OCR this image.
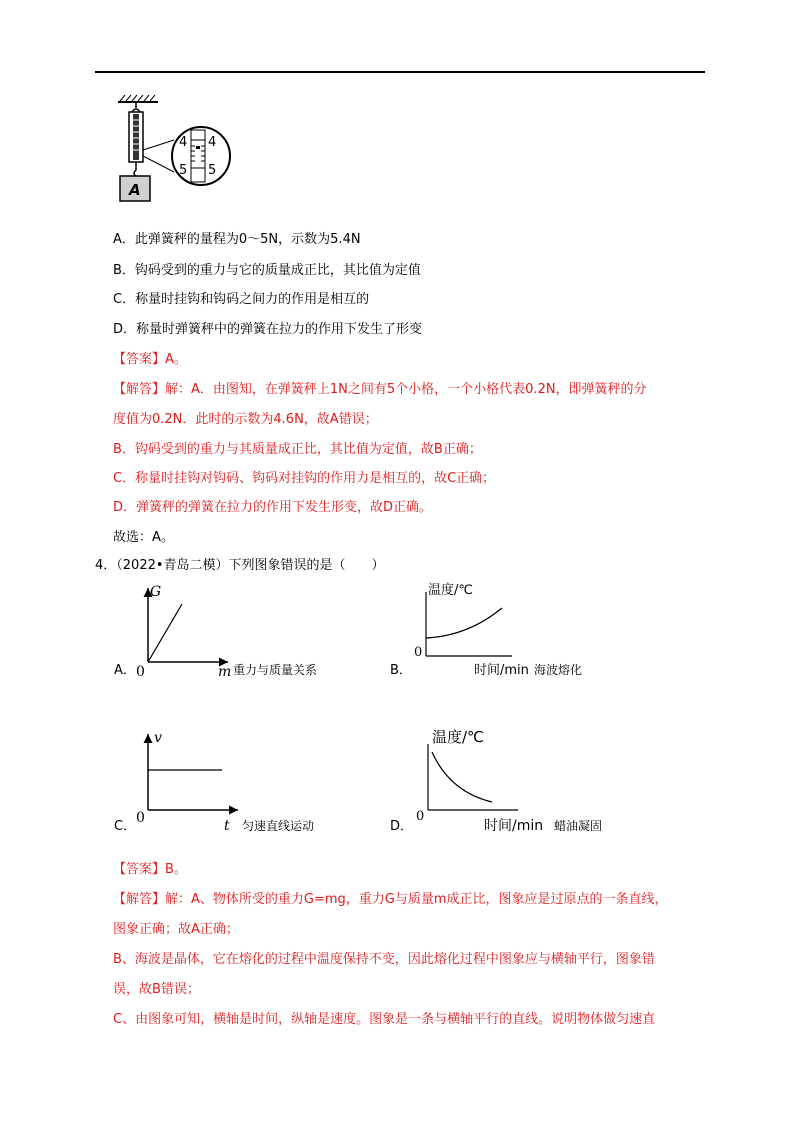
A
4
5
4
5
A．此弹簧秤的量程为0～5N，示数为5.4N
B．钩码受到的重力与它的质量成正比，其比值为定值
C．称量时挂钩和钩码之间力的作用是相互的
D．称量时弹簧秤中的弹簧在拉力的作用下发生了形变
【答案】A。
【解答】解：A．由图知，在弹簧秤上1N之间有5个小格，一个小格代表0.2N，即弹簧秤的分
度值为0.2N．此时的示数为4.6N，故A错误；
B．钩码受到的重力与其质量成正比，其比值为定值，故B正确；
C．称量时挂钩对钩码、钩码对挂钩的作用力是相互的，故C正确；
D．弹簧秤的弹簧在拉力的作用下发生形变，故D正确。
故选：A。
4．（2022•青岛二模）下列图象错误的是（　　）
G
0	m 重力与质量关系
A．
温度/℃
0
时间/min 海波熔化
B．
v
0	t 匀速直线运动
C．
温度/℃
0
时间/min 蜡油凝固
D．
【答案】B。
【解答】解：A、物体所受的重力G=mg，重力G与质量m成正比，图象应是过原点的一条直线，
图象正确；故A正确；
B、海波是晶体，它在熔化的过程中温度保持不变，因此熔化过程中图象应与横轴平行，图象错
误，故B错误；
C、由图象可知，横轴是时间，纵轴是速度。图象是一条与横轴平行的直线。说明物体做匀速直
